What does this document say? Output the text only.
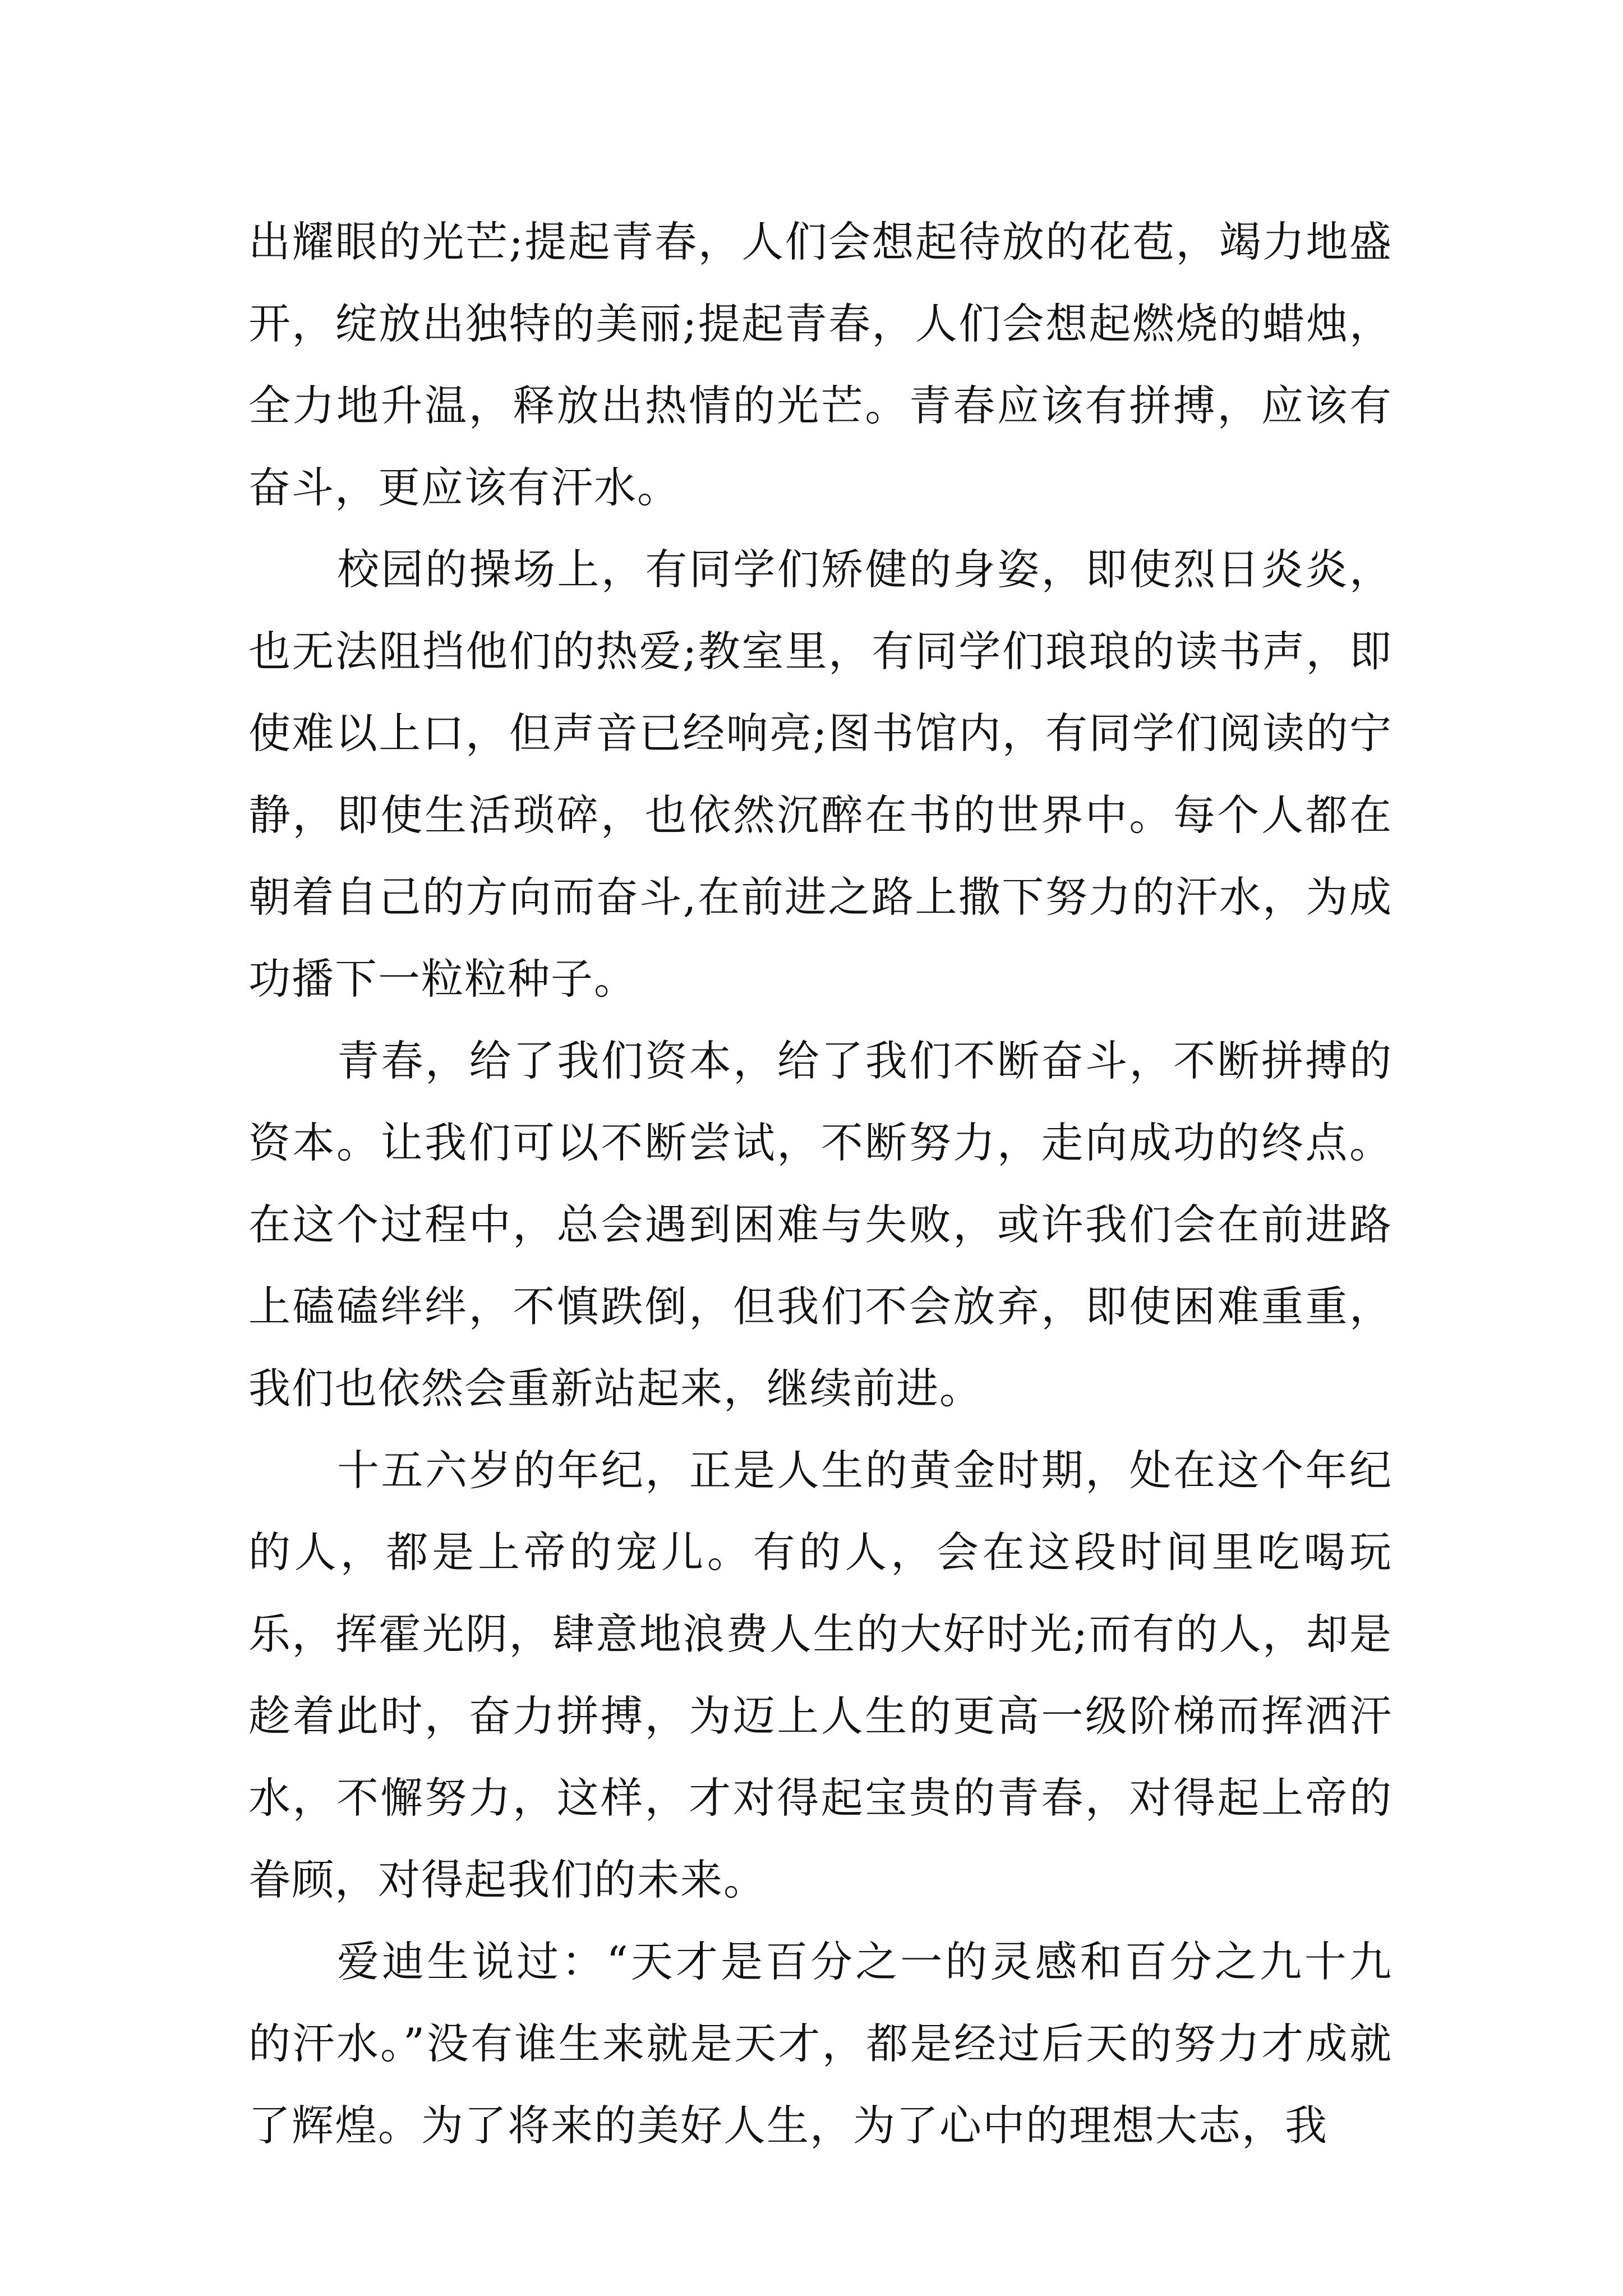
出耀眼的光芒;提起青春，人们会想起待放的花苞，竭力地盛开，绽放出独特的美丽;提起青春，人们会想起燃烧的蜡烛，全力地升温，释放出热情的光芒。青春应该有拼搏，应该有奋斗，更应该有汗水。

校园的操场上，有同学们矫健的身姿，即使烈日炎炎，也无法阻挡他们的热爱;教室里，有同学们琅琅的读书声，即使难以上口，但声音已经响亮;图书馆内，有同学们阅读的宁静，即使生活琐碎，也依然沉醉在书的世界中。每个人都在朝着自己的方向而奋斗,在前进之路上撒下努力的汗水，为成功播下一粒粒种子。

青春，给了我们资本，给了我们不断奋斗，不断拼搏的资本。让我们可以不断尝试，不断努力，走向成功的终点。在这个过程中，总会遇到困难与失败，或许我们会在前进路上磕磕绊绊，不慎跌倒，但我们不会放弃，即使困难重重，我们也依然会重新站起来，继续前进。

十五六岁的年纪，正是人生的黄金时期，处在这个年纪的人，都是上帝的宠儿。有的人，会在这段时间里吃喝玩乐，挥霍光阴，肆意地浪费人生的大好时光;而有的人，却是趁着此时，奋力拼搏，为迈上人生的更高一级阶梯而挥洒汗水，不懈努力，这样，才对得起宝贵的青春，对得起上帝的眷顾，对得起我们的未来。

爱迪生说过：“天才是百分之一的灵感和百分之九十九的汗水。”没有谁生来就是天才，都是经过后天的努力才成就了辉煌。为了将来的美好人生，为了心中的理想大志，我
